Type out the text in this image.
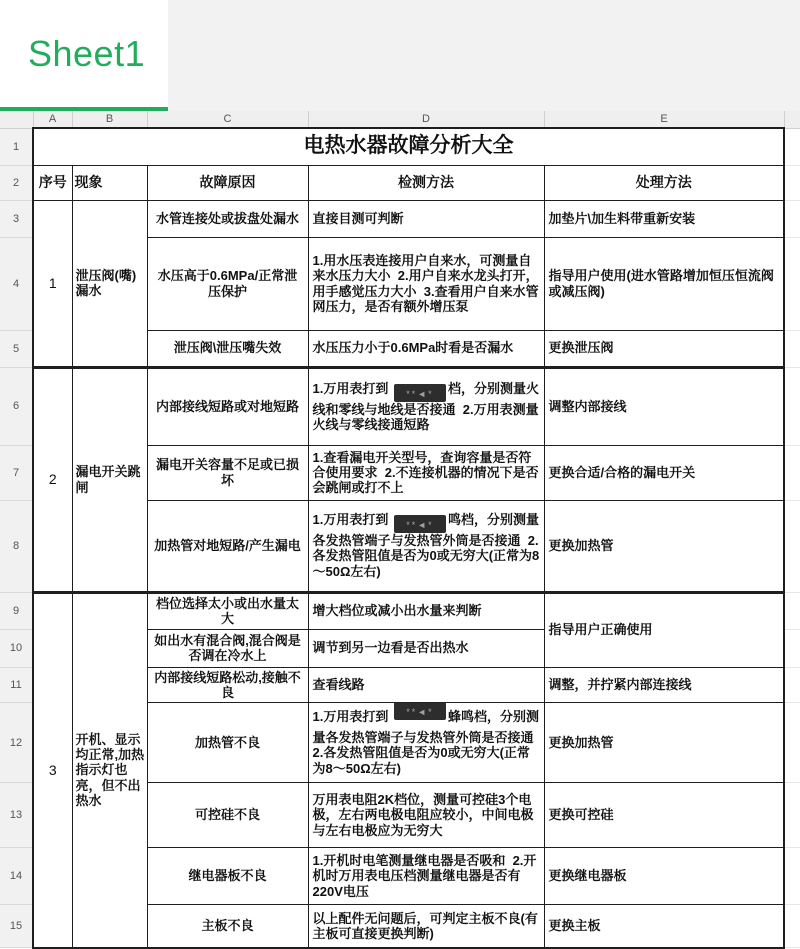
Sheet1
	A	B	C	D	E	
1	电热水器故障分析大全					
2	序号	现象	故障原因	检测方法	处理方法	
3	1	泄压阀(嘴) 漏水	水管连接处或拔盘处漏水	直接目测可判断	加垫片\加生料带重新安装	
4			水压高于0.6MPa/正常泄压保护	1.用水压表连接用户自来水，可测量自来水压力大小  2.用户自来水龙头打开，用手感觉压力大小  3.查看用户自来水管网压力，是否有额外增压泵	指导用户使用(进水管路增加恒压恒流阀或减压阀)	
5			泄压阀\泄压嘴失效	水压压力小于0.6MPa时看是否漏水	更换泄压阀	
6	2	漏电开关跳闸	内部接线短路或对地短路	1.万用表打到 **◄* 档，分别测量火线和零线与地线是否接通  2.万用表测量火线与零线接通短路	调整内部接线	
7			漏电开关容量不足或已损坏	1.查看漏电开关型号，查询容量是否符合使用要求  2.不连接机器的情况下是否会跳闸或打不上	更换合适/合格的漏电开关	
8			加热管对地短路/产生漏电	1.万用表打到 **◄* 鸣档，分别测量各发热管端子与发热管外筒是否接通  2.各发热管阻值是否为0或无穷大(正常为8～50Ω左右)	更换加热管	
9	3	开机、显示均正常,加热指示灯也亮，但不出热水	档位选择太小或出水量太大	增大档位或减小出水量来判断	指导用户正确使用	
10			如出水有混合阀,混合阀是否调在冷水上	调节到另一边看是否出热水		
11			内部接线短路松动,接触不良	查看线路	调整，并拧紧内部连接线	
12			加热管不良	1.万用表打到 **◄* 蜂鸣档，分别测量各发热管端子与发热管外筒是否接通  2.各发热管阻值是否为0或无穷大(正常为8～50Ω左右)	更换加热管	
13			可控硅不良	万用表电阻2K档位，测量可控硅3个电极，左右两电极电阻应较小，中间电极与左右电极应为无穷大	更换可控硅	
14			继电器板不良	1.开机时电笔测量继电器是否吸和  2.开机时万用表电压档测量继电器是否有220V电压	更换继电器板	
15			主板不良	以上配件无问题后，可判定主板不良(有主板可直接更换判断)	更换主板	
